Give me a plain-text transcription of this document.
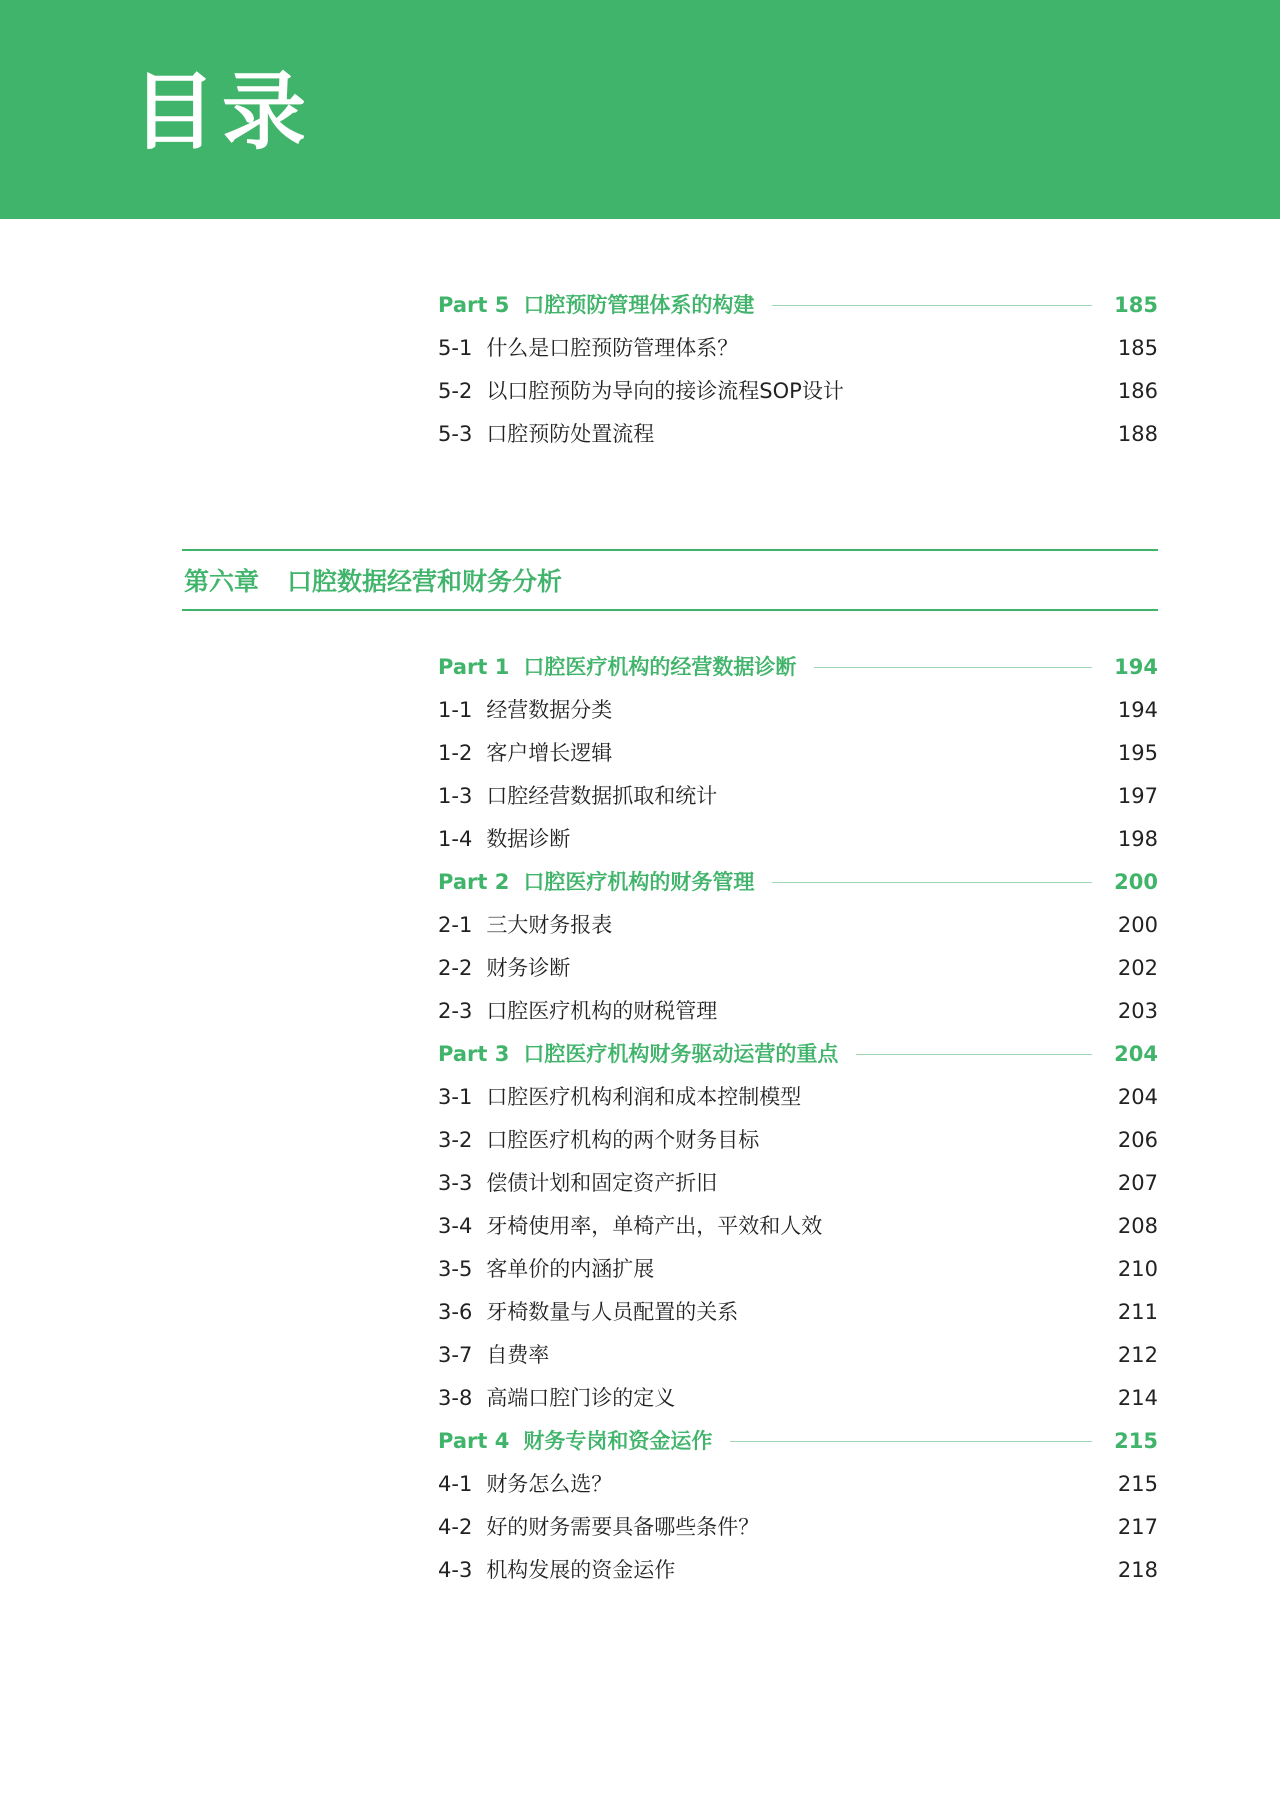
目录
Part 5 口腔预防管理体系的构建	185
5-1 什么是口腔预防管理体系？	185
5-2 以口腔预防为导向的接诊流程SOP设计	186
5-3 口腔预防处置流程	188
第六章 口腔数据经营和财务分析
Part 1 口腔医疗机构的经营数据诊断	194
1-1 经营数据分类	194
1-2 客户增长逻辑	195
1-3 口腔经营数据抓取和统计	197
1-4 数据诊断	198
Part 2 口腔医疗机构的财务管理	200
2-1 三大财务报表	200
2-2 财务诊断	202
2-3 口腔医疗机构的财税管理	203
Part 3 口腔医疗机构财务驱动运营的重点	204
3-1 口腔医疗机构利润和成本控制模型	204
3-2 口腔医疗机构的两个财务目标	206
3-3 偿债计划和固定资产折旧	207
3-4 牙椅使用率，单椅产出，平效和人效	208
3-5 客单价的内涵扩展	210
3-6 牙椅数量与人员配置的关系	211
3-7 自费率	212
3-8 高端口腔门诊的定义	214
Part 4 财务专岗和资金运作	215
4-1 财务怎么选？	215
4-2 好的财务需要具备哪些条件？	217
4-3 机构发展的资金运作	218
